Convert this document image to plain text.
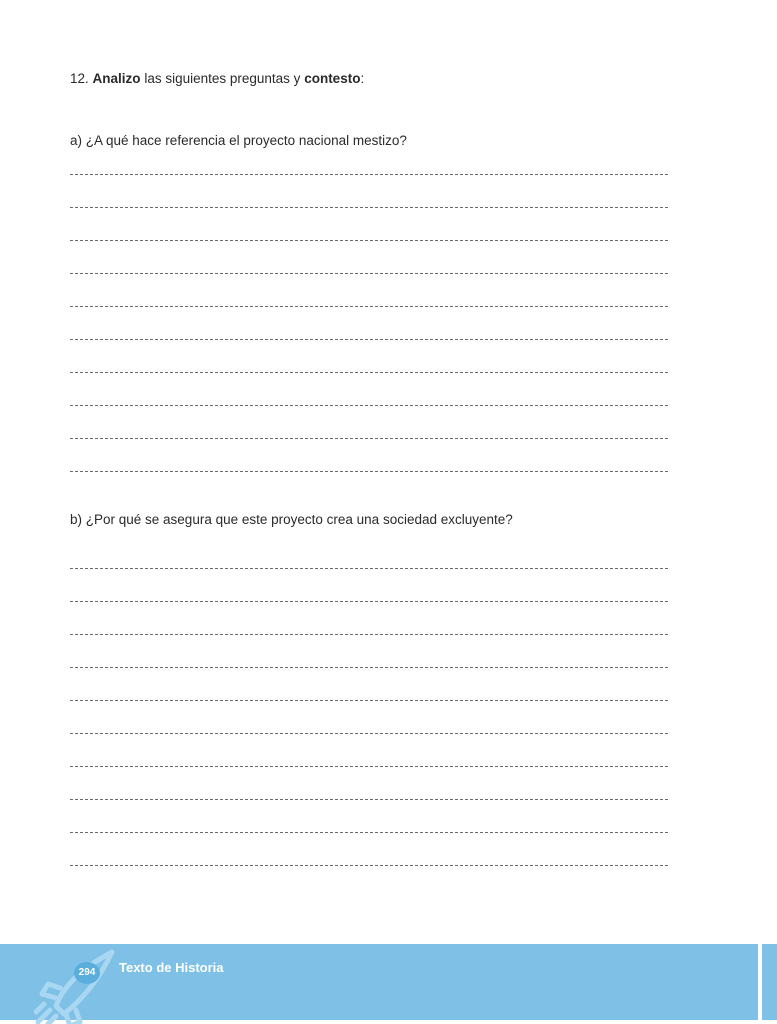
12. Analizo las siguientes preguntas y contesto:
a) ¿A qué hace referencia el proyecto nacional mestizo?
b) ¿Por qué se asegura que este proyecto crea una sociedad excluyente?
294	Texto de Historia
